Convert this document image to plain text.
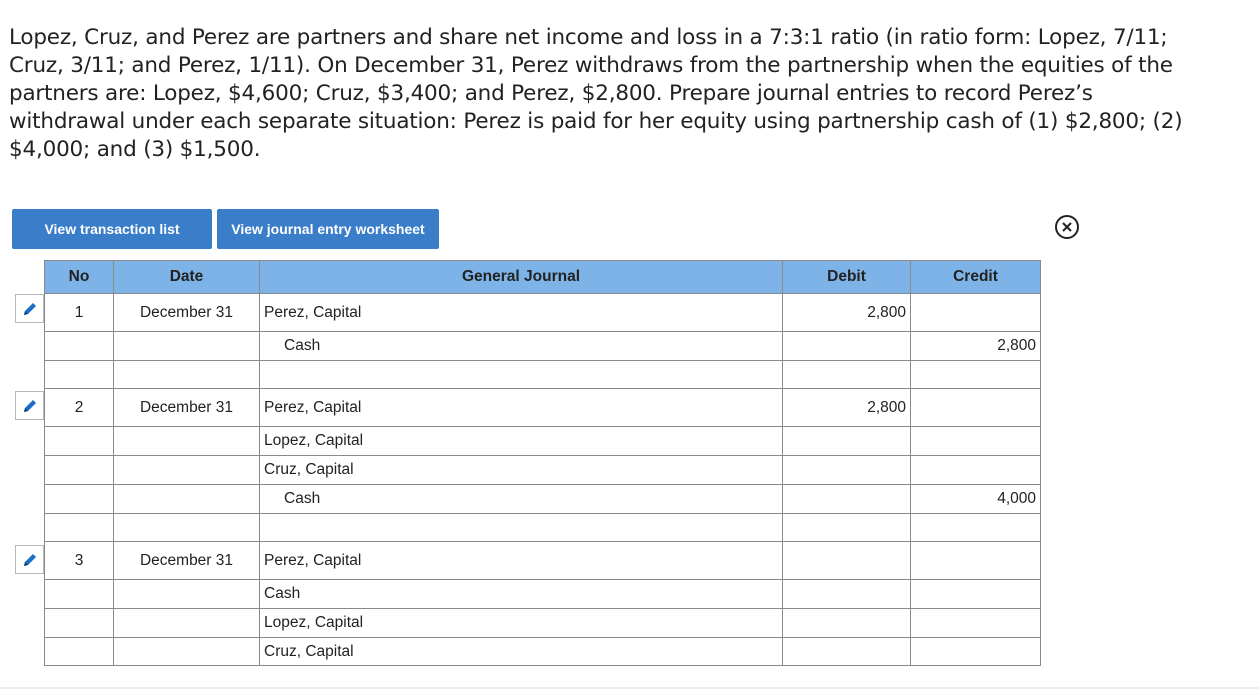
Lopez, Cruz, and Perez are partners and share net income and loss in a 7:3:1 ratio (in ratio form: Lopez, 7/11; Cruz, 3/11; and Perez, 1/11). On December 31, Perez withdraws from the partnership when the equities of the partners are: Lopez, $4,600; Cruz, $3,400; and Perez, $2,800. Prepare journal entries to record Perez’s withdrawal under each separate situation: Perez is paid for her equity using partnership cash of (1) $2,800; (2) $4,000; and (3) $1,500.

View transaction list	View journal entry worksheet
No	Date	General Journal	Debit	Credit
1	December 31	Perez, Capital	2,800	
		Cash		2,800

2	December 31	Perez, Capital	2,800	
		Lopez, Capital		
		Cruz, Capital		
		Cash		4,000

3	December 31	Perez, Capital		
		Cash		
		Lopez, Capital		
		Cruz, Capital		
